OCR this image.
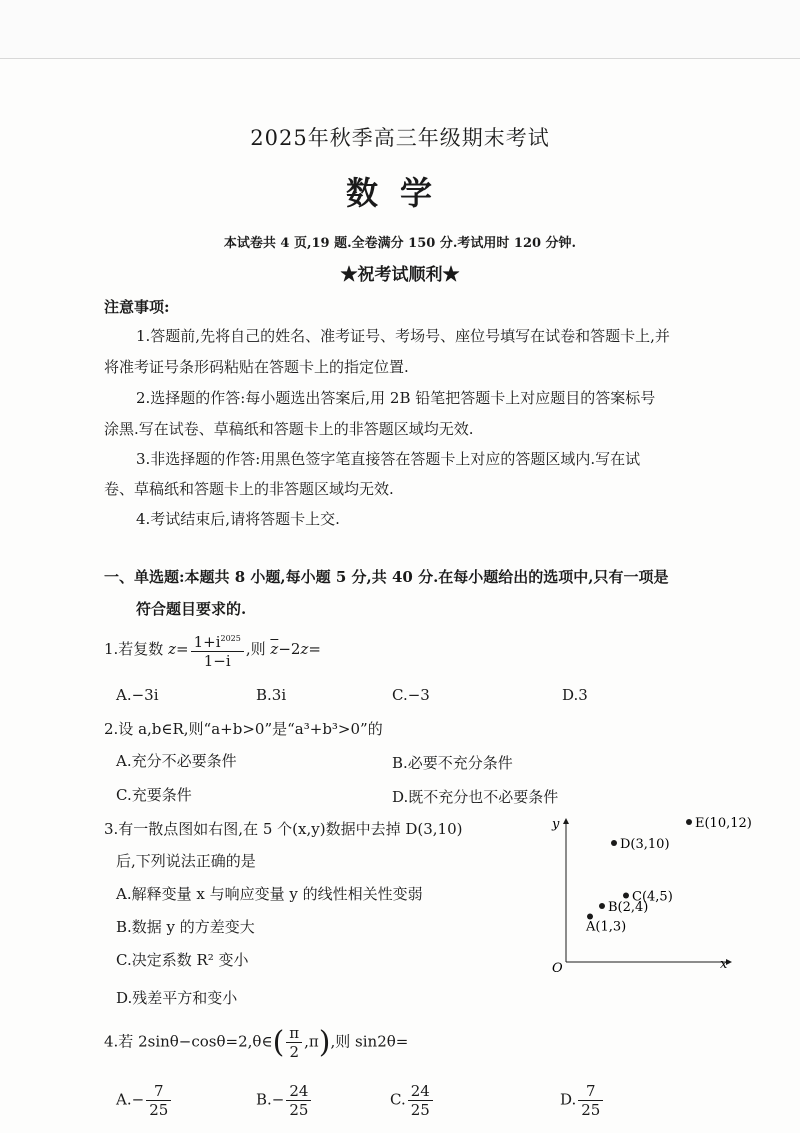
2025年秋季高三年级期末考试
数学
本试卷共 4 页,19 题.全卷满分 150 分.考试用时 120 分钟.
★祝考试顺利★
注意事项:
1.答题前,先将自己的姓名、准考证号、考场号、座位号填写在试卷和答题卡上,并
将准考证号条形码粘贴在答题卡上的指定位置.
2.选择题的作答:每小题选出答案后,用 2B 铅笔把答题卡上对应题目的答案标号
涂黑.写在试卷、草稿纸和答题卡上的非答题区域均无效.
3.非选择题的作答:用黑色签字笔直接答在答题卡上对应的答题区域内.写在试
卷、草稿纸和答题卡上的非答题区域均无效.
4.考试结束后,请将答题卡上交.
一、单选题:本题共 8 小题,每小题 5 分,共 40 分.在每小题给出的选项中,只有一项是
符合题目要求的.
1.若复数 $z= \frac{1+i^{2025}}{1-i}$ ,则 $\overline{z}-2z=$
A.−3i	B.3i	C.−3	D.3
2.设 a,b∈R,则“a+b>0”是“a³+b³>0”的
A.充分不必要条件	B.必要不充分条件
C.充要条件	D.既不充分也不必要条件
3.有一散点图如右图,在 5 个(x,y)数据中去掉 D(3,10)
后,下列说法正确的是
A.解释变量 x 与响应变量 y 的线性相关性变弱
B.数据 y 的方差变大
C.决定系数 R² 变小
D.残差平方和变小
x
y
O
A(1,3)
B(2,4)
C(4,5)
D(3,10)
E(10,12)
4.若 2sinθ−cosθ=2,θ∈( $\frac{\pi}{2} ,\pi$),则 sin2θ=
$A.- \frac{7}{25}$	$B.- \frac{24}{25}$	C. $\frac{24}{25}$	D. $\frac{7}{25}$
